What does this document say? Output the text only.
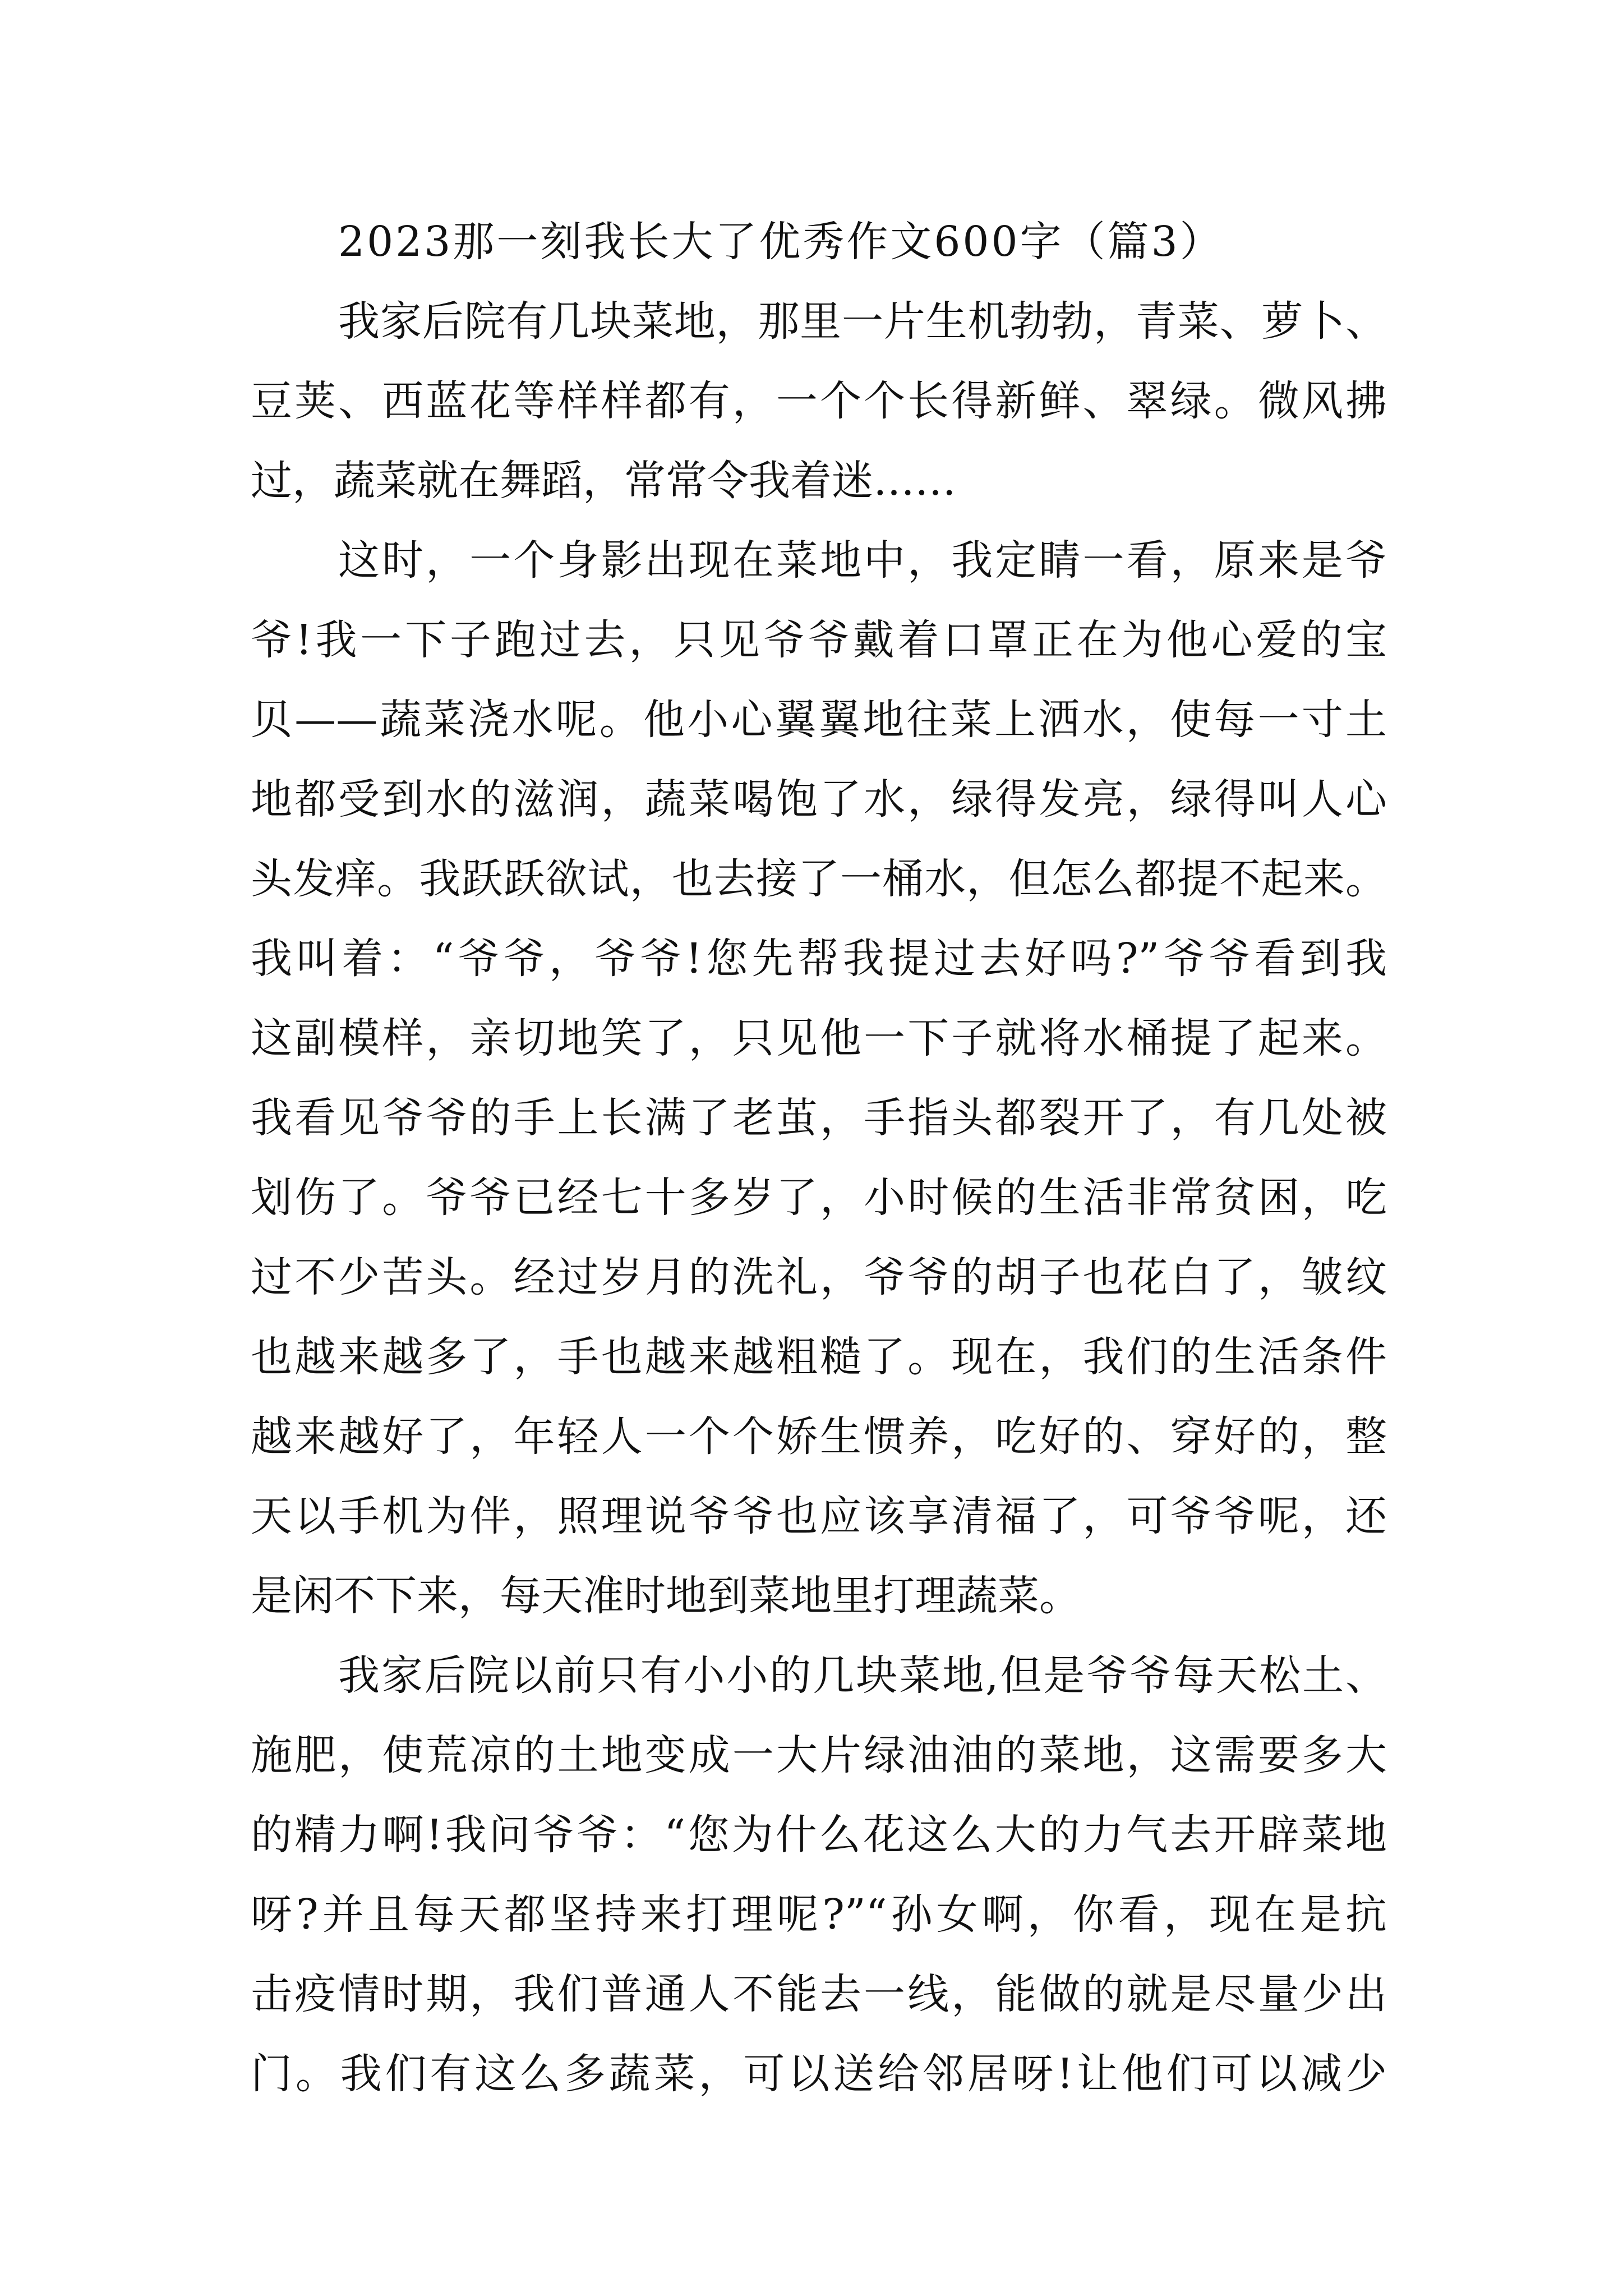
2023那一刻我长大了优秀作文600字（篇3）
我家后院有几块菜地，那里一片生机勃勃，青菜、萝卜、
豆荚、西蓝花等样样都有，一个个长得新鲜、翠绿。微风拂
过，蔬菜就在舞蹈，常常令我着迷……
这时，一个身影出现在菜地中，我定睛一看，原来是爷
爷!我一下子跑过去，只见爷爷戴着口罩正在为他心爱的宝
贝——蔬菜浇水呢。他小心翼翼地往菜上洒水，使每一寸土
地都受到水的滋润，蔬菜喝饱了水，绿得发亮，绿得叫人心
头发痒。我跃跃欲试，也去接了一桶水，但怎么都提不起来。
我叫着：“爷爷，爷爷!您先帮我提过去好吗?”爷爷看到我
这副模样，亲切地笑了，只见他一下子就将水桶提了起来。
我看见爷爷的手上长满了老茧，手指头都裂开了，有几处被
划伤了。爷爷已经七十多岁了，小时候的生活非常贫困，吃
过不少苦头。经过岁月的洗礼，爷爷的胡子也花白了，皱纹
也越来越多了，手也越来越粗糙了。现在，我们的生活条件
越来越好了，年轻人一个个娇生惯养，吃好的、穿好的，整
天以手机为伴，照理说爷爷也应该享清福了，可爷爷呢，还
是闲不下来，每天准时地到菜地里打理蔬菜。
我家后院以前只有小小的几块菜地,但是爷爷每天松土、
施肥，使荒凉的土地变成一大片绿油油的菜地，这需要多大
的精力啊!我问爷爷：“您为什么花这么大的力气去开辟菜地
呀?并且每天都坚持来打理呢?”“孙女啊，你看，现在是抗
击疫情时期，我们普通人不能去一线，能做的就是尽量少出
门。我们有这么多蔬菜，可以送给邻居呀!让他们可以减少
